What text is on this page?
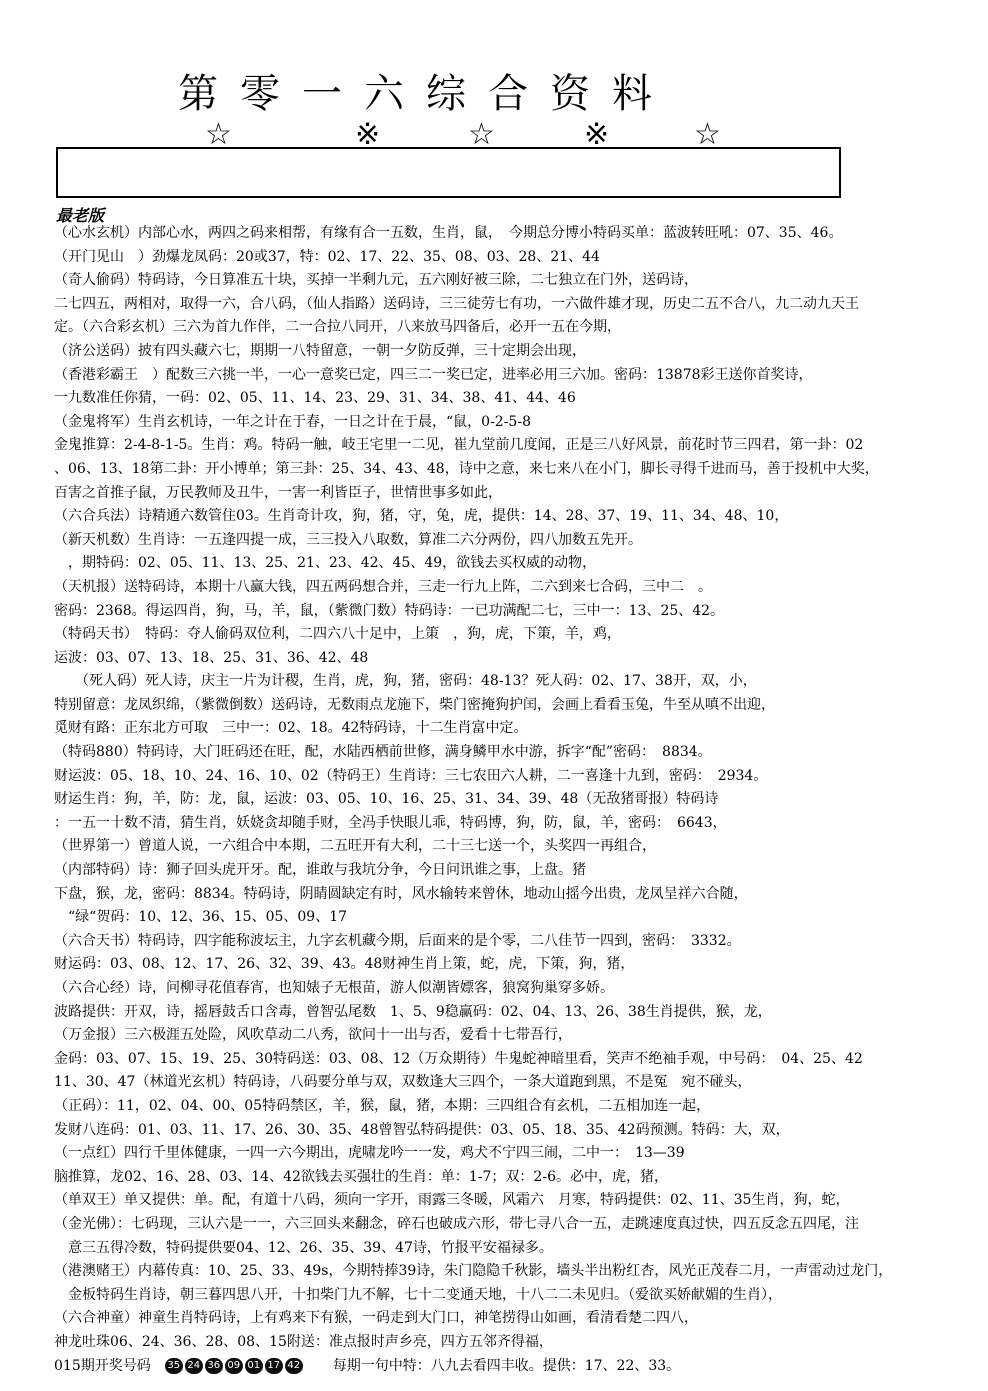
第零一六综合资料
☆	※	☆	※	☆
最老版
（心水玄机）内部心水，两四之码来相帮，有缘有合一五数，生肖，鼠，　今期总分博小特码买单：蓝波转旺吼：07、35、46。
（开门见山　）劲爆龙凤码：20或37，特：02、17、22、35、08、03、28、21、44
（奇人偷码）特码诗，今日算准五十块，买掉一半剩九元，五六刚好被三除，二七独立在门外，送码诗，
二七四五，两相对，取得一六，合八码，（仙人指路）送码诗，三三徒劳七有功，一六做件雄才现，历史二五不合八，九二动九天王
定。（六合彩玄机）三六为首九作伴，二一合拉八同开，八来放马四备后，必开一五在今期，
（济公送码）披有四头藏六七，期期一八特留意，一朝一夕防反弹，三十定期会出现，
（香港彩霸王　）配数三六挑一半，一心一意奖已定，四三二一奖已定，进率必用三六加。密码：13878彩王送你首奖诗，
一九数准任你猜，一码：02、05、11、14、23、29、31、34、38、41、44、46
（金鬼将军）生肖玄机诗，一年之计在于春，一日之计在于晨，“鼠，0-2-5-8
金鬼推算：2-4-8-1-5。生肖：鸡。特码一触，岐王宅里一二见，崔九堂前几度闻，正是三八好风景，前花时节三四君，第一卦：02
、06、13、18第二卦：开小博单；第三卦：25、34、43、48，诗中之意，来七来八在小门，脚长寻得千进而马，善于投机中大奖，
百害之首推子鼠，万民教师及丑牛，一害一利皆臣子，世情世事多如此，
（六合兵法）诗精通六数管住03。生肖奇计攻，狗，猪，守，兔，虎，提供：14、28、37、19、11、34、48、10，
（新天机数）生肖诗：一五逢四提一成，三三投入八取数，算准二六分两份，四八加数五先开。
　，期特码：02、05、11、13、25、21、23、42、45、49，欲钱去买权威的动物，
（天机报）送特码诗，本期十八赢大钱，四五两码想合并，三走一行九上阵，二六到来七合码，三中二　。
密码：2368。得运四肖，狗，马，羊，鼠，（紫微门数）特码诗：一已功满配二七，三中一：13、25、42。
（特码天书）　特码：夺人偷码双位利，二四六八十足中，上策　，狗，虎，下策，羊，鸡，
运波：03、07、13、18、25、31、36、42、48
　　（死人码）死人诗，庆主一片为计稷，生肖，虎，狗，猪，密码：48-13？死人码：02、17、38开，双，小，
特别留意：龙凤织绵，（紫微倒数）送码诗，无数雨点龙施下，柴门密掩狗护闰，会画上看看玉兔，牛至从嗔不出迎，
觅财有路：正东北方可取　三中一：02、18。42特码诗，十二生肖富中定。
（特码880）特码诗，大门旺码还在旺，配，水陆西栖前世修，满身鳞甲水中游，拆字“配”密码：　8834。
财运波：05、18、10、24、16、10、02（特码王）生肖诗：三七农田六人耕，二一喜逢十九到，密码：　2934。
财运生肖：狗，羊，防：龙，鼠，运波：03、05、10、16、25、31、34、39、48（无敌猪哥报）特码诗
：一五一十数不清，猜生肖，妖娆贪却随手财，全冯手快眼儿乖，特码博，狗，防，鼠，羊，密码：　6643，
（世界第一）曾道人说，一六组合中本期，二五旺开有大利，二十三七送一个，头奖四一再组合，
（内部特码）诗：狮子回头虎开牙。配，谁敢与我坑分争，今日问讯谁之事，上盘。猪
下盘，猴，龙，密码：8834。特码诗，阴睛圆缺定有时，风水输转来曾休，地动山摇今出贵，龙凤呈祥六合随，
　“绿“贺码：10、12、36、15、05、09、17
（六合天书）特码诗，四字能称波坛主，九字玄机藏今期，后面来的是个零，二八佳节一四到，密码：　3332。
财运码：03、08、12、17、26、32、39、43。48财神生肖上策，蛇，虎，下策，狗，猪，
（六合心经）诗，问柳寻花值春宵，也知婊子无根苗，游人似潮皆嫖客，狼窝狗巢穿多娇。
波路提供：开双，诗，摇唇鼓舌口含毒，曾智弘尾数　1、5、9稳赢码：02、04、13、26、38生肖提供，猴，龙，
（万金报）三六极涯五处险，风吹草动二八秀，欲问十一出与否，爱看十七带吾行，
金码：03、07、15、19、25、30特码送：03、08、12（万众期待）牛鬼蛇神暗里看，笑声不绝袖手观，中号码：　04、25、42
11、30、47（林道光玄机）特码诗，八码要分单与双，双数逢大三四个，一条大道跑到黑，不是冤　宛不碰头，
（正码）：11，02、04、00、05特码禁区，羊，猴，鼠，猪，本期：三四组合有玄机，二五相加连一起，
发财八连码：01、03、11、17、26、30、35、48曾智弘特码提供：03、05、18、35、42码预测。特码：大，双，
（一点红）四行千里体健康，一四一六今期出，虎啸龙吟一一发，鸡犬不宁四三闹，二中一：　13—39
脑推算，龙02、16、28、03、14、42欲钱去买强壮的生肖：单：1-7；双：2-6。必中，虎，猪，
（单双王）单又提供：单。配，有道十八码，须向一字开，雨露三冬暖，风霜六　月寒，特码提供：02、11、35生肖，狗，蛇，
（金光佛）：七码现，三认六是一一，六三回头来翻念，碎石也破成六形，带七寻八合一五，走跳速度真过快，四五反念五四尾，注
　意三五得冷数，特码提供要04、12、26、35、39、47诗，竹报平安福禄多。
（港澳赌王）内幕传真：10、25、33、49s，今期特捧39诗，朱门隐隐千秋影，墙头半出粉红杏，风光正茂春二月，一声雷动过龙门，
　金板特码生肖诗，朝三暮四思八开，十扣柴门九不解，七十二变通天地，十八二二未见归。（爱欲买娇献媚的生肖），
（六合神童）神童生肖特码诗，上有鸡来下有猴，一码走到大门口，神笔捞得山如画，看清看楚二四八，
神龙吐珠06、24、36、28、08、15附送：准点报时声乡亮，四方五邻齐得福，
015期开奖号码 35 24 36 09 01 17 42 每期一句中特：八九去看四丰收。提供：17、22、33。
